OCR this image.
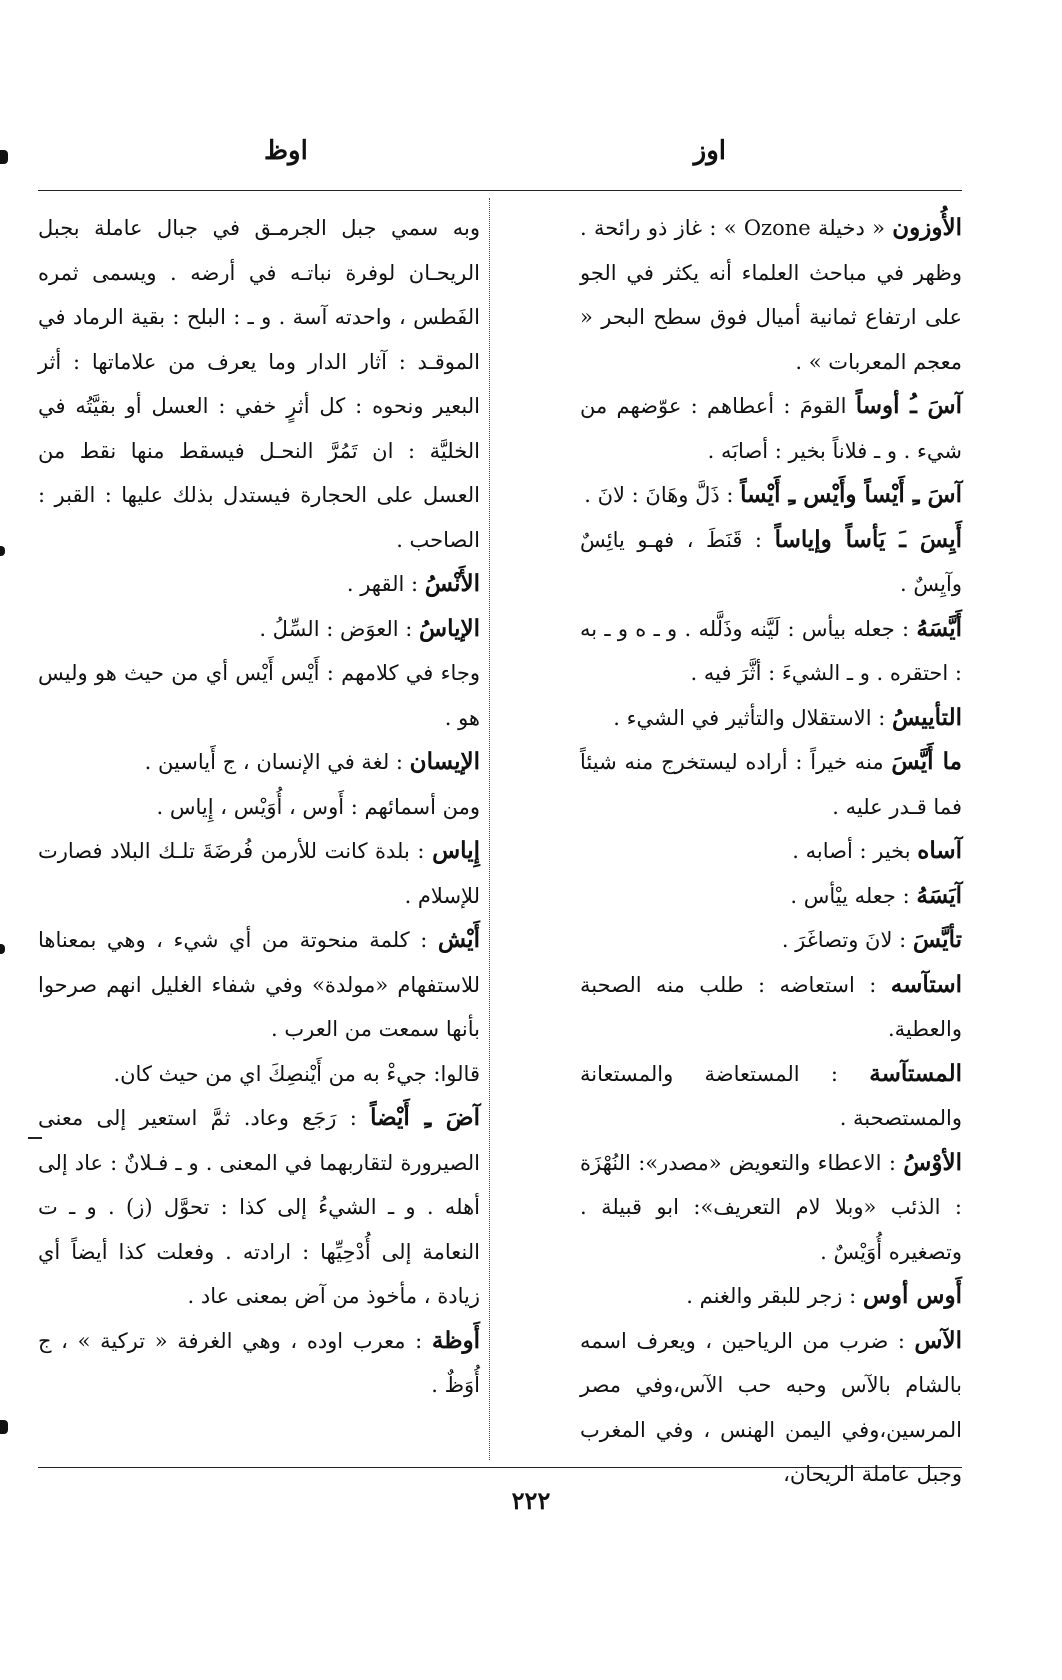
اوز
اوظ

الأُوزون « دخيلة Ozone » : غاز ذو رائحة . وظهر في مباحث العلماء أنه يكثر في الجو على ارتفاع ثمانية أميال فوق سطح البحر « معجم المعربات » .

آسَ ـُ أوساً القومَ : أعطاهم : عوّضهم من شيء . و ـ فلاناً بخير : أصابَه .

آسَ ـِ أَيْساً وأَيْس ـِ أَيْساً : ذَلَّ وهَانَ : لانَ .

أَيِسَ ـَ يَأساً وإياساً : قَنَطَ ، فهـو يائِسٌ وآيِسٌ .

أَيَّسَهُ : جعله بيأس : لَيَّنه وذَلَّله . و ـ ه و ـ به : احتقره . و ـ الشيءَ : أثَّرَ فيه .

التأييسُ : الاستقلال والتأثير في الشيء .

ما أَيَّسَ منه خيراً : أراده ليستخرج منه شيئاً فما قـدر عليه .

آساه بخير : أصابه .

آيَسَهُ : جعله ييْأس .

تأيَّسَ : لانَ وتصاغَرَ .

استآسه : استعاضه : طلب منه الصحبة والعطية.

المستآسة : المستعاضة والمستعانة والمستصحبة .

الأوْسُ : الاعطاء والتعويض «مصدر»: النُهْزَة : الذئب «وبلا لام التعريف»: ابو قبيلة . وتصغيره أُوَيْسٌ .

أَوس أوس : زجر للبقر والغنم .

الآس : ضرب من الرياحين ، ويعرف اسمه بالشام بالآس وحبه حب الآس،وفي مصر المرسين،وفي اليمن الهنس ، وفي المغرب وجبل عاملة الريحان،

وبه سمي جبل الجرمـق في جبال عاملة بجبل الريحـان لوفرة نباتـه في أرضه . ويسمى ثمره الفَطس ، واحدته آسة . و ـ : البلح : بقية الرماد في الموقـد : آثار الدار وما يعرف من علاماتها : أثر البعير ونحوه : كل أثرٍ خفي : العسل أو بقيَّتُه في الخليَّة : ان تَمُرَّ النحـل فيسقط منها نقط من العسل على الحجارة فيستدل بذلك عليها : القبر : الصاحب .

الأَنْسُ : القهر .

الإياسُ : العوَض : السِّلُ .

وجاء في كلامهم : أَيْس أَيْس أي من حيث هو وليس هو .

الإيسان : لغة في الإنسان ، ج أَياسين .

ومن أسمائهم : أَوس ، أُوَيْس ، إِياس .

إِياس : بلدة كانت للأرمن فُرضَةَ تلـك البلاد فصارت للإسلام .

أَيْش : كلمة منحوتة من أي شيء ، وهي بمعناها للاستفهام «مولدة» وفي شفاء الغليل انهم صرحوا بأنها سمعت من العرب .

قالوا: جيءْ به من أَيْنصِكَ اي من حيث كان.

آضَ ـِ أَيْضاً : رَجَع وعاد. ثمَّ استعير إلى معنى الصيرورة لتقاربهما في المعنى . و ـ فـلانٌ : عاد إلى أهله . و ـ الشيءُ إلى كذا : تحوَّل (ز) . و ـ ت النعامة إلى أُدْحِيِّها : ارادته . وفعلت كذا أيضاً أي زيادة ، مأخوذ من آض بمعنى عاد .

أَوظة : معرب اوده ، وهي الغرفة « تركية » ، ج أُوَظٌ .

٢٢٢
